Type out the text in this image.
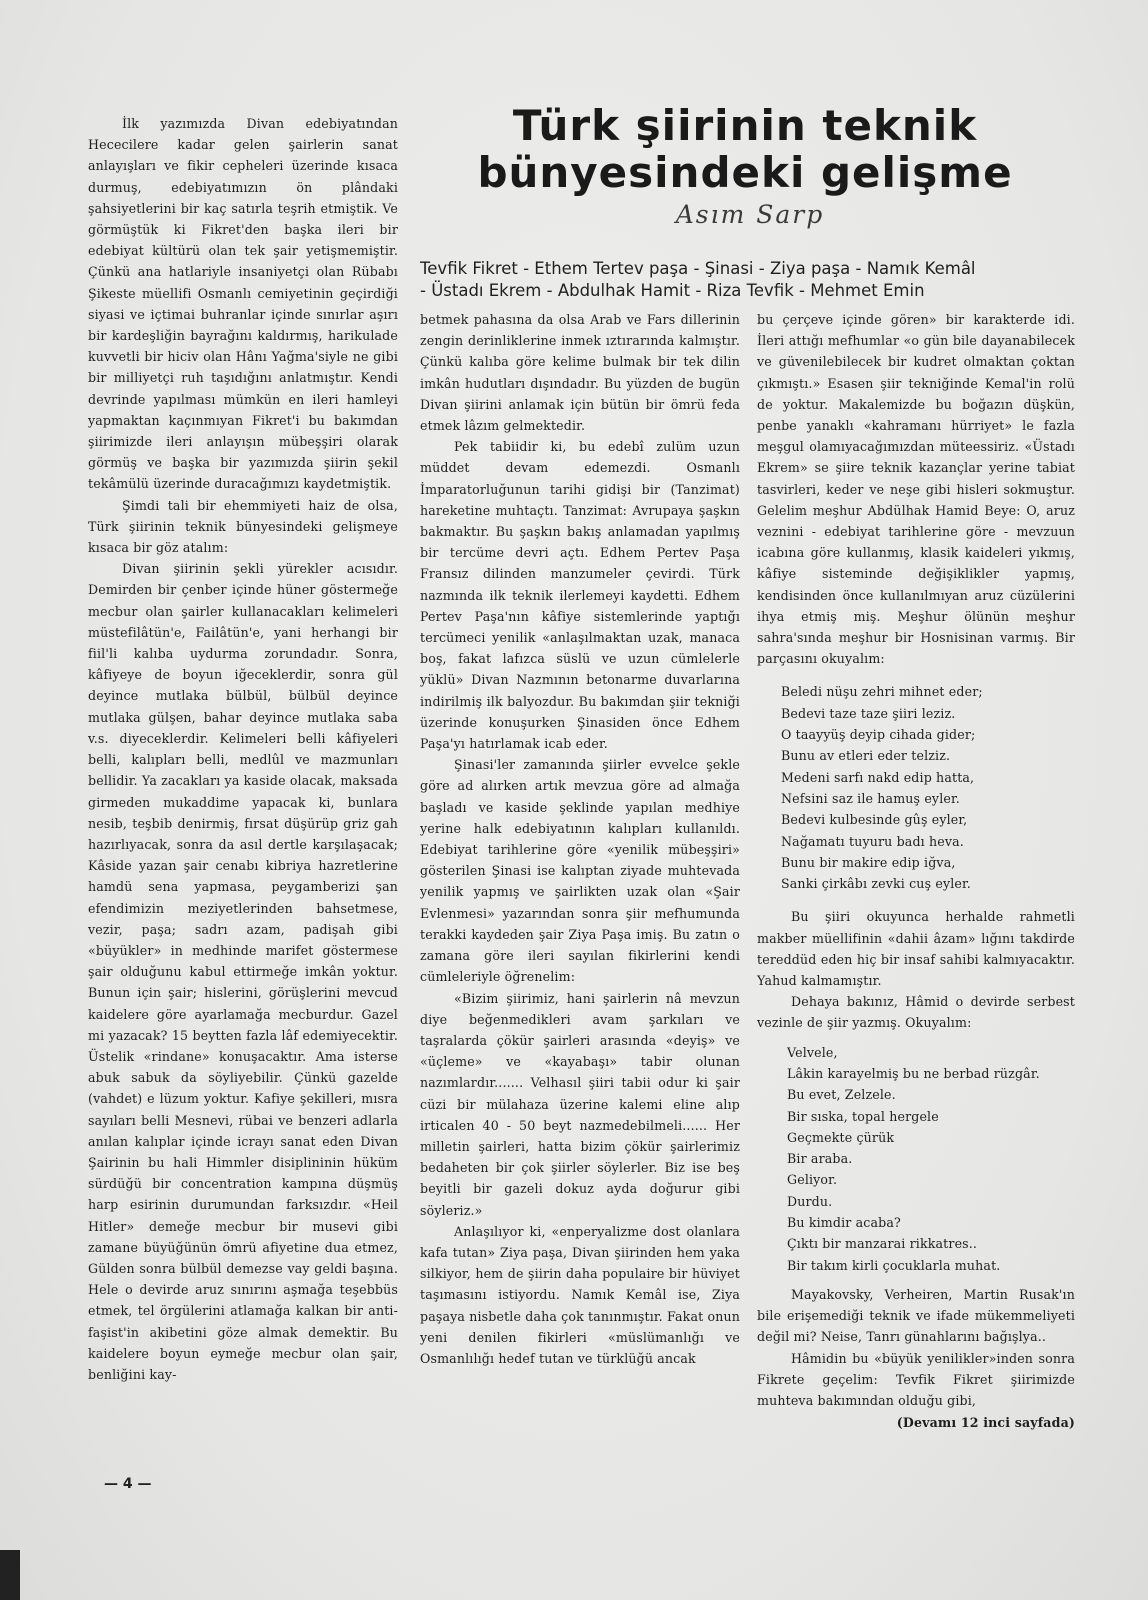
Türk şiirinin teknik
bünyesindeki gelişme
Asım Sarp
Tevfik Fikret - Ethem Tertev paşa - Şinasi - Ziya paşa - Namık Kemâl
- Üstadı Ekrem - Abdulhak Hamit - Riza Tevfik - Mehmet Emin

İlk yazımızda Divan edebiyatından Hececilere kadar gelen şairlerin sanat anlayışları ve fikir cepheleri üzerinde kısaca durmuş, edebiyatımızın ön plândaki şahsiyetlerini bir kaç satırla teşrih etmiştik. Ve görmüştük ki Fikret'den başka ileri bir edebiyat kültürü olan tek şair yetişmemiştir. Çünkü ana hatlariyle insaniyetçi olan Rübabı Şikeste müellifi Osmanlı cemiyetinin geçirdiği siyasi ve içtimai buhranlar içinde sınırlar aşırı bir kardeşliğin bayrağını kaldırmış, harikulade kuvvetli bir hiciv olan Hânı Yağma'siyle ne gibi bir milliyetçi ruh taşıdığını anlatmıştır. Kendi devrinde yapılması mümkün en ileri hamleyi yapmaktan kaçınmıyan Fikret'i bu bakımdan şiirimizde ileri anlayışın mübeşşiri olarak görmüş ve başka bir yazımızda şiirin şekil tekâmülü üzerinde duracağımızı kaydetmiştik.

Şimdi tali bir ehemmiyeti haiz de olsa, Türk şiirinin teknik bünyesindeki gelişmeye kısaca bir göz atalım:

Divan şiirinin şekli yürekler acısıdır. Demirden bir çenber içinde hüner göstermeğe mecbur olan şairler kullanacakları kelimeleri müstefilâtün'e, Failâtün'e, yani herhangi bir fiil'li kalıba uydurma zorundadır. Sonra, kâfiyeye de boyun iğeceklerdir, sonra gül deyince mutlaka bülbül, bülbül deyince mutlaka gülşen, bahar deyince mutlaka saba v.s. diyeceklerdir. Kelimeleri belli kâfiyeleri belli, kalıpları belli, medlûl ve mazmunları bellidir. Ya zacakları ya kaside olacak, maksada girmeden mukaddime yapacak ki, bunlara nesib, teşbib denirmiş, fırsat düşürüp griz gah hazırlıyacak, sonra da asıl dertle karşılaşacak; Kâside yazan şair cenabı kibriya hazretlerine hamdü sena yapmasa, peygamberizi şan efendimizin meziyetlerinden bahsetmese, vezir, paşa; sadrı azam, padişah gibi «büyükler» in medhinde marifet göstermese şair olduğunu kabul ettirmeğe imkân yoktur. Bunun için şair; hislerini, görüşlerini mevcud kaidelere göre ayarlamağa mecburdur. Gazel mi yazacak? 15 beytten fazla lâf edemiyecektir. Üstelik «rindane» konuşacaktır. Ama isterse abuk sabuk da söyliyebilir. Çünkü gazelde (vahdet) e lüzum yoktur. Kafiye şekilleri, mısra sayıları belli Mesnevi, rübai ve benzeri adlarla anılan kalıplar içinde icrayı sanat eden Divan Şairinin bu hali Himmler disiplininin hüküm sürdüğü bir concentration kampına düşmüş harp esirinin durumundan farksızdır. «Heil Hitler» demeğe mecbur bir musevi gibi zamane büyüğünün ömrü afiyetine dua etmez, Gülden sonra bülbül demezse vay geldi başına. Hele o devirde aruz sınırını aşmağa teşebbüs etmek, tel örgülerini atlamağa kalkan bir anti-faşist'in akibetini göze almak demektir. Bu kaidelere boyun eymeğe mecbur olan şair, benliğini kay-

betmek pahasına da olsa Arab ve Fars dillerinin zengin derinliklerine inmek ıztırarında kalmıştır. Çünkü kalıba göre kelime bulmak bir tek dilin imkân hudutları dışındadır. Bu yüzden de bugün Divan şiirini anlamak için bütün bir ömrü feda etmek lâzım gelmektedir.

Pek tabiidir ki, bu edebî zulüm uzun müddet devam edemezdi. Osmanlı İmparatorluğunun tarihi gidişi bir (Tanzimat) hareketine muhtaçtı. Tanzimat: Avrupaya şaşkın bakmaktır. Bu şaşkın bakış anlamadan yapılmış bir tercüme devri açtı. Edhem Pertev Paşa Fransız dilinden manzumeler çevirdi. Türk nazmında ilk teknik ilerlemeyi kaydetti. Edhem Pertev Paşa'nın kâfiye sistemlerinde yaptığı tercümeci yenilik «anlaşılmaktan uzak, manaca boş, fakat lafızca süslü ve uzun cümlelerle yüklü» Divan Nazmının betonarme duvarlarına indirilmiş ilk balyozdur. Bu bakımdan şiir tekniği üzerinde konuşurken Şinasiden önce Edhem Paşa'yı hatırlamak icab eder.

Şinasi'ler zamanında şiirler evvelce şekle göre ad alırken artık mevzua göre ad almağa başladı ve kaside şeklinde yapılan medhiye yerine halk edebiyatının kalıpları kullanıldı. Edebiyat tarihlerine göre «yenilik mübeşşiri» gösterilen Şinasi ise kalıptan ziyade muhtevada yenilik yapmış ve şairlikten uzak olan «Şair Evlenmesi» yazarından sonra şiir mefhumunda terakki kaydeden şair Ziya Paşa imiş. Bu zatın o zamana göre ileri sayılan fikirlerini kendi cümleleriyle öğrenelim:

«Bizim şiirimiz, hani şairlerin nâ mevzun diye beğenmedikleri avam şarkıları ve taşralarda çökür şairleri arasında «deyiş» ve «üçleme» ve «kayabaşı» tabir olunan nazımlardır....... Velhasıl şiiri tabii odur ki şair cüzi bir mülahaza üzerine kalemi eline alıp irticalen 40 - 50 beyt nazmedebilmeli...... Her milletin şairleri, hatta bizim çökür şairlerimiz bedaheten bir çok şiirler söylerler. Biz ise beş beyitli bir gazeli dokuz ayda doğurur gibi söyleriz.»

Anlaşılıyor ki, «enperyalizme dost olanlara kafa tutan» Ziya paşa, Divan şiirinden hem yaka silkiyor, hem de şiirin daha populaire bir hüviyet taşımasını istiyordu. Namık Kemâl ise, Ziya paşaya nisbetle daha çok tanınmıştır. Fakat onun yeni denilen fikirleri «müslümanlığı ve Osmanlılığı hedef tutan ve türklüğü ancak

bu çerçeve içinde gören» bir karakterde idi. İleri attığı mefhumlar «o gün bile dayanabilecek ve güvenilebilecek bir kudret olmaktan çoktan çıkmıştı.» Esasen şiir tekniğinde Kemal'in rolü de yoktur. Makalemizde bu boğazın düşkün, penbe yanaklı «kahramanı hürriyet» le fazla meşgul olamıyacağımızdan müteessiriz. «Üstadı Ekrem» se şiire teknik kazançlar yerine tabiat tasvirleri, keder ve neşe gibi hisleri sokmuştur. Gelelim meşhur Abdülhak Hamid Beye: O, aruz veznini - edebiyat tarihlerine göre - mevzuun icabına göre kullanmış, klasik kaideleri yıkmış, kâfiye sisteminde değişiklikler yapmış, kendisinden önce kullanılmıyan aruz cüzülerini ihya etmiş miş. Meşhur ölünün meşhur sahra'sında meşhur bir Hosnisinan varmış. Bir parçasını okuyalım:

Beledi nüşu zehri mihnet eder;
Bedevi taze taze şiiri leziz.
O taayyüş deyip cihada gider;
Bunu av etleri eder telziz.
Medeni sarfı nakd edip hatta,
Nefsini saz ile hamuş eyler.
Bedevi kulbesinde gûş eyler,
Nağamatı tuyuru badı heva.
Bunu bir makire edip iğva,
Sanki çirkâbı zevki cuş eyler.

Bu şiiri okuyunca herhalde rahmetli makber müellifinin «dahii âzam» lığını takdirde tereddüd eden hiç bir insaf sahibi kalmıyacaktır. Yahud kalmamıştır.

Dehaya bakınız, Hâmid o devirde serbest vezinle de şiir yazmış. Okuyalım:

Velvele,
Lâkin karayelmiş bu ne berbad rüzgâr.
Bu evet, Zelzele.
Bir sıska, topal hergele
Geçmekte çürük
Bir araba.
Geliyor.
Durdu.
Bu kimdir acaba?
Çıktı bir manzarai rikkatres..
Bir takım kirli çocuklarla muhat.

Mayakovsky, Verheiren, Martin Rusak'ın bile erişemediği teknik ve ifade mükemmeliyeti değil mi? Neise, Tanrı günahlarını bağışlya..

Hâmidin bu «büyük yenilikler»inden sonra Fikrete geçelim: Tevfik Fikret şiirimizde muhteva bakımından olduğu gibi,

(Devamı 12 inci sayfada)
— 4 —
